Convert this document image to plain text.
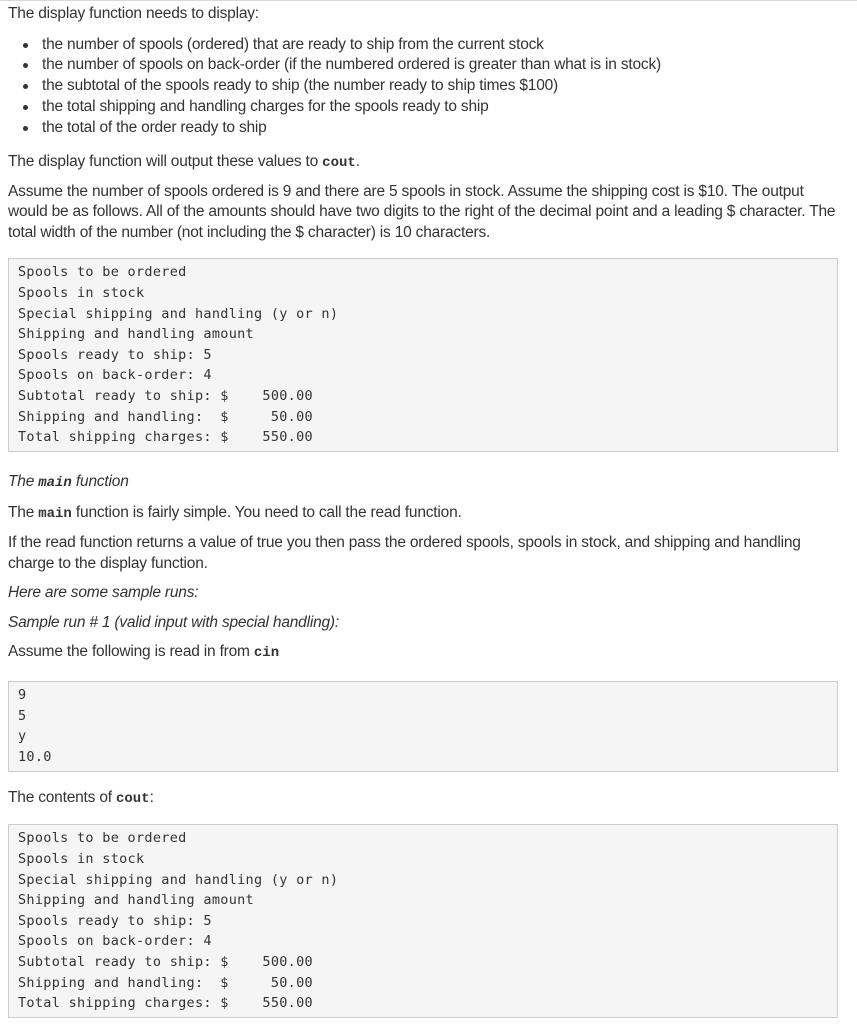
The display function needs to display:

the number of spools (ordered) that are ready to ship from the current stock
the number of spools on back-order (if the numbered ordered is greater than what is in stock)
the subtotal of the spools ready to ship (the number ready to ship times $100)
the total shipping and handling charges for the spools ready to ship
the total of the order ready to ship

The display function will output these values to cout.

Assume the number of spools ordered is 9 and there are 5 spools in stock. Assume the shipping cost is $10. The output would be as follows. All of the amounts should have two digits to the right of the decimal point and a leading $ character. The total width of the number (not including the $ character) is 10 characters.

Spools to be ordered
Spools in stock
Special shipping and handling (y or n)
Shipping and handling amount
Spools ready to ship: 5
Spools on back-order: 4
Subtotal ready to ship: $    500.00
Shipping and handling:  $     50.00
Total shipping charges: $    550.00

The main function

The main function is fairly simple. You need to call the read function.

If the read function returns a value of true you then pass the ordered spools, spools in stock, and shipping and handling charge to the display function.

Here are some sample runs:

Sample run # 1 (valid input with special handling):

Assume the following is read in from cin

9
5
y
10.0

The contents of cout:

Spools to be ordered
Spools in stock
Special shipping and handling (y or n)
Shipping and handling amount
Spools ready to ship: 5
Spools on back-order: 4
Subtotal ready to ship: $    500.00
Shipping and handling:  $     50.00
Total shipping charges: $    550.00
